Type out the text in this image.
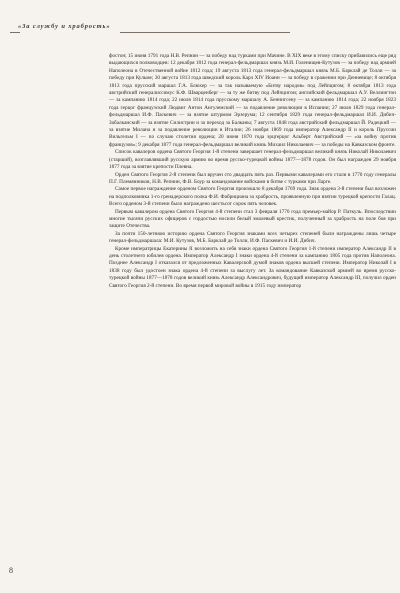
«За службу и храбрость»

фостон; 15 июня 1791 года Н.В. Репнин — за победу над турками при Мачине. В XIX веке в этому списку прибавились еще ряд выдающихся полководцев: 12 декабря 1812 года генерал-фельдмаршал князь М.И. Голенищев-Кутузов — за победу над армией Наполеона в Отечественной войне 1812 года; 19 августа 1813 года генерал-фельдмаршал князь М.Б. Барклай де Толли — за победу при Кульме; 30 августа 1813 года шведский король Карл XIV Иоанн — за победу в сражении при Денневице; 8 октября 1813 года прусский маршал Г.А. Блюхер — за так называемую «Битву народов» под Лейпцигом; 8 октября 1813 года австрийский генералиссимус К.Ф. Шварценберг — за ту же битву под Лейпцигом; английский фельдмаршал А.У. Веллингтон — за кампанию 1814 года; 22 июля 1814 года прусскому маршалу А. Беннигсену — за кампанию 1814 года; 22 ноября 1823 года герцог французский Людвиг Антон Ангулемский — за подавление революции в Испании; 27 июля 1829 года генерал-фельдмаршал И.Ф. Паскевич — за взятие штурмом Эрзерума; 12 сентября 1829 года генерал-фельдмаршал И.И. Дибич-Забалканский — за взятие Силистрии и за переход за Балканы; 7 августа 1848 года австрийский фельдмаршал Й. Радецкий — за взятие Милана и за подавление революции в Италии; 26 ноября 1869 года император Александр II и король Пруссии Вильгельм I — по случаю столетия ордена; 20 июня 1870 года эрцгерцог Альберт Австрийский — «за войну против французов»; 9 декабря 1877 года генерал-фельдмаршал великий князь Михаил Николаевич — за победы на Кавказском фронте.

Список кавалеров ордена Святого Георгия 1-й степени завершает генерал-фельдмаршал великий князь Николай Николаевич (старший), возглавлявший русскую армию во время русско-турецкой войны 1877—1878 годов. Он был награжден 29 ноября 1877 года за взятие крепости Плевна.

Орден Святого Георгия 2-й степени был вручен сто двадцать пять раз. Первыми кавалерами его стали в 1770 году генералы П.Г. Племянников, Н.В. Репнин, Ф.В. Боур за командование войсками в битве с турками при Ларге.

Самое первое награждение орденом Святого Георгия произошло 8 декабря 1769 года. Знак ордена 3-й степени был возложен на подполковника 1-го гренадерского полка Ф.И. Фабрициана за храбрость, проявленную при взятии турецкой крепости Галац. Всего орденом 3-й степени было награждено шестьсот сорок пять человек.

Первым кавалером ордена Святого Георгия 4-й степени стал 3 февраля 1770 года премьер-майор Р. Паткуль. Впоследствии многие тысячи русских офицеров с гордостью носили белый эмалевый крестик, полученный за храбрость на поле боя при защите Отечества.

За почти 150-летнюю историю ордена Святого Георгия знаками всех четырех степеней были награждены лишь четыре генерал-фельдмаршала: М.И. Кутузов, М.Б. Барклай де Толли, И.Ф. Паскевич и И.И. Дибич.

Кроме императрицы Екатерины II возложить на себя знаки ордена Святого Георгия 1-й степени император Александр II в день столетнего юбилея ордена. Император Александр I знаки ордена 4-й степени за кампанию 1805 года против Наполеона. Позднее Александр I отказался от предложенных Кавалерской думой знаков ордена высшей степени. Император Николай I в 1838 году был удостоен знака ордена 4-й степени за выслугу лет. За командование Кавказской армией во время русско-турецкой войны 1877—1878 годов великий князь Александр Александрович, будущий император Александр III, получил орден Святого Георгия 2-й степени. Во время первой мировой войны в 1915 году император

8
